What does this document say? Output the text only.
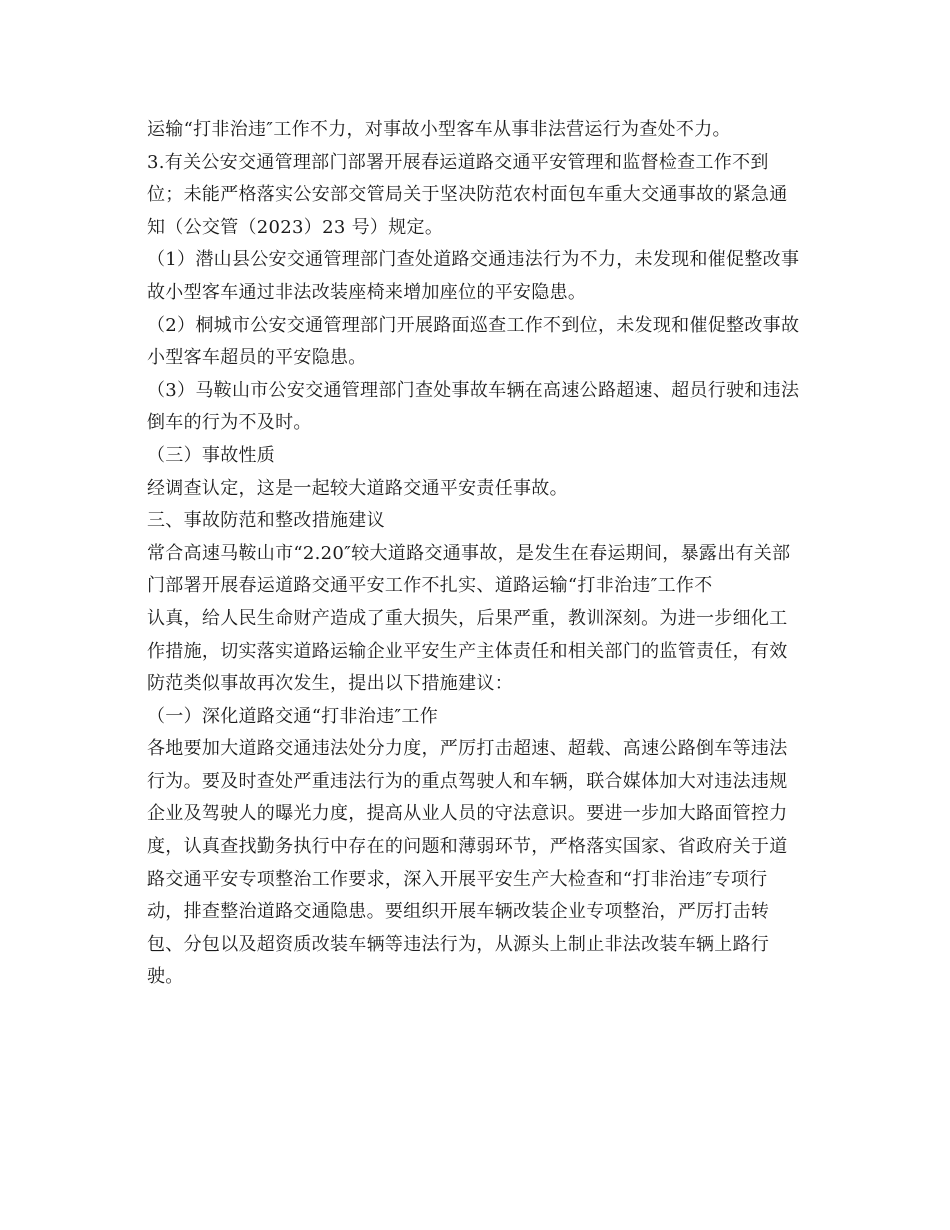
运输“打非治违″工作不力，对事故小型客车从事非法营运行为查处不力。
3.有关公安交通管理部门部署开展春运道路交通平安管理和监督检查工作不到
位；未能严格落实公安部交管局关于坚决防范农村面包车重大交通事故的紧急通
知（公交管（2023）23 号）规定。
（1）潜山县公安交通管理部门查处道路交通违法行为不力，未发现和催促整改事
故小型客车通过非法改装座椅来增加座位的平安隐患。
（2）桐城市公安交通管理部门开展路面巡查工作不到位，未发现和催促整改事故
小型客车超员的平安隐患。
（3）马鞍山市公安交通管理部门查处事故车辆在高速公路超速、超员行驶和违法
倒车的行为不及时。
（三）事故性质
经调查认定，这是一起较大道路交通平安责任事故。
三、事故防范和整改措施建议
常合高速马鞍山市“2.20″较大道路交通事故，是发生在春运期间，暴露出有关部
门部署开展春运道路交通平安工作不扎实、道路运输“打非治违″工作不
认真，给人民生命财产造成了重大损失，后果严重，教训深刻。为进一步细化工
作措施，切实落实道路运输企业平安生产主体责任和相关部门的监管责任，有效
防范类似事故再次发生，提出以下措施建议：
（一）深化道路交通“打非治违″工作
各地要加大道路交通违法处分力度，严厉打击超速、超载、高速公路倒车等违法
行为。要及时查处严重违法行为的重点驾驶人和车辆，联合媒体加大对违法违规
企业及驾驶人的曝光力度，提高从业人员的守法意识。要进一步加大路面管控力
度，认真查找勤务执行中存在的问题和薄弱环节，严格落实国家、省政府关于道
路交通平安专项整治工作要求，深入开展平安生产大检查和“打非治违″专项行
动，排查整治道路交通隐患。要组织开展车辆改装企业专项整治，严厉打击转
包、分包以及超资质改装车辆等违法行为，从源头上制止非法改装车辆上路行
驶。
